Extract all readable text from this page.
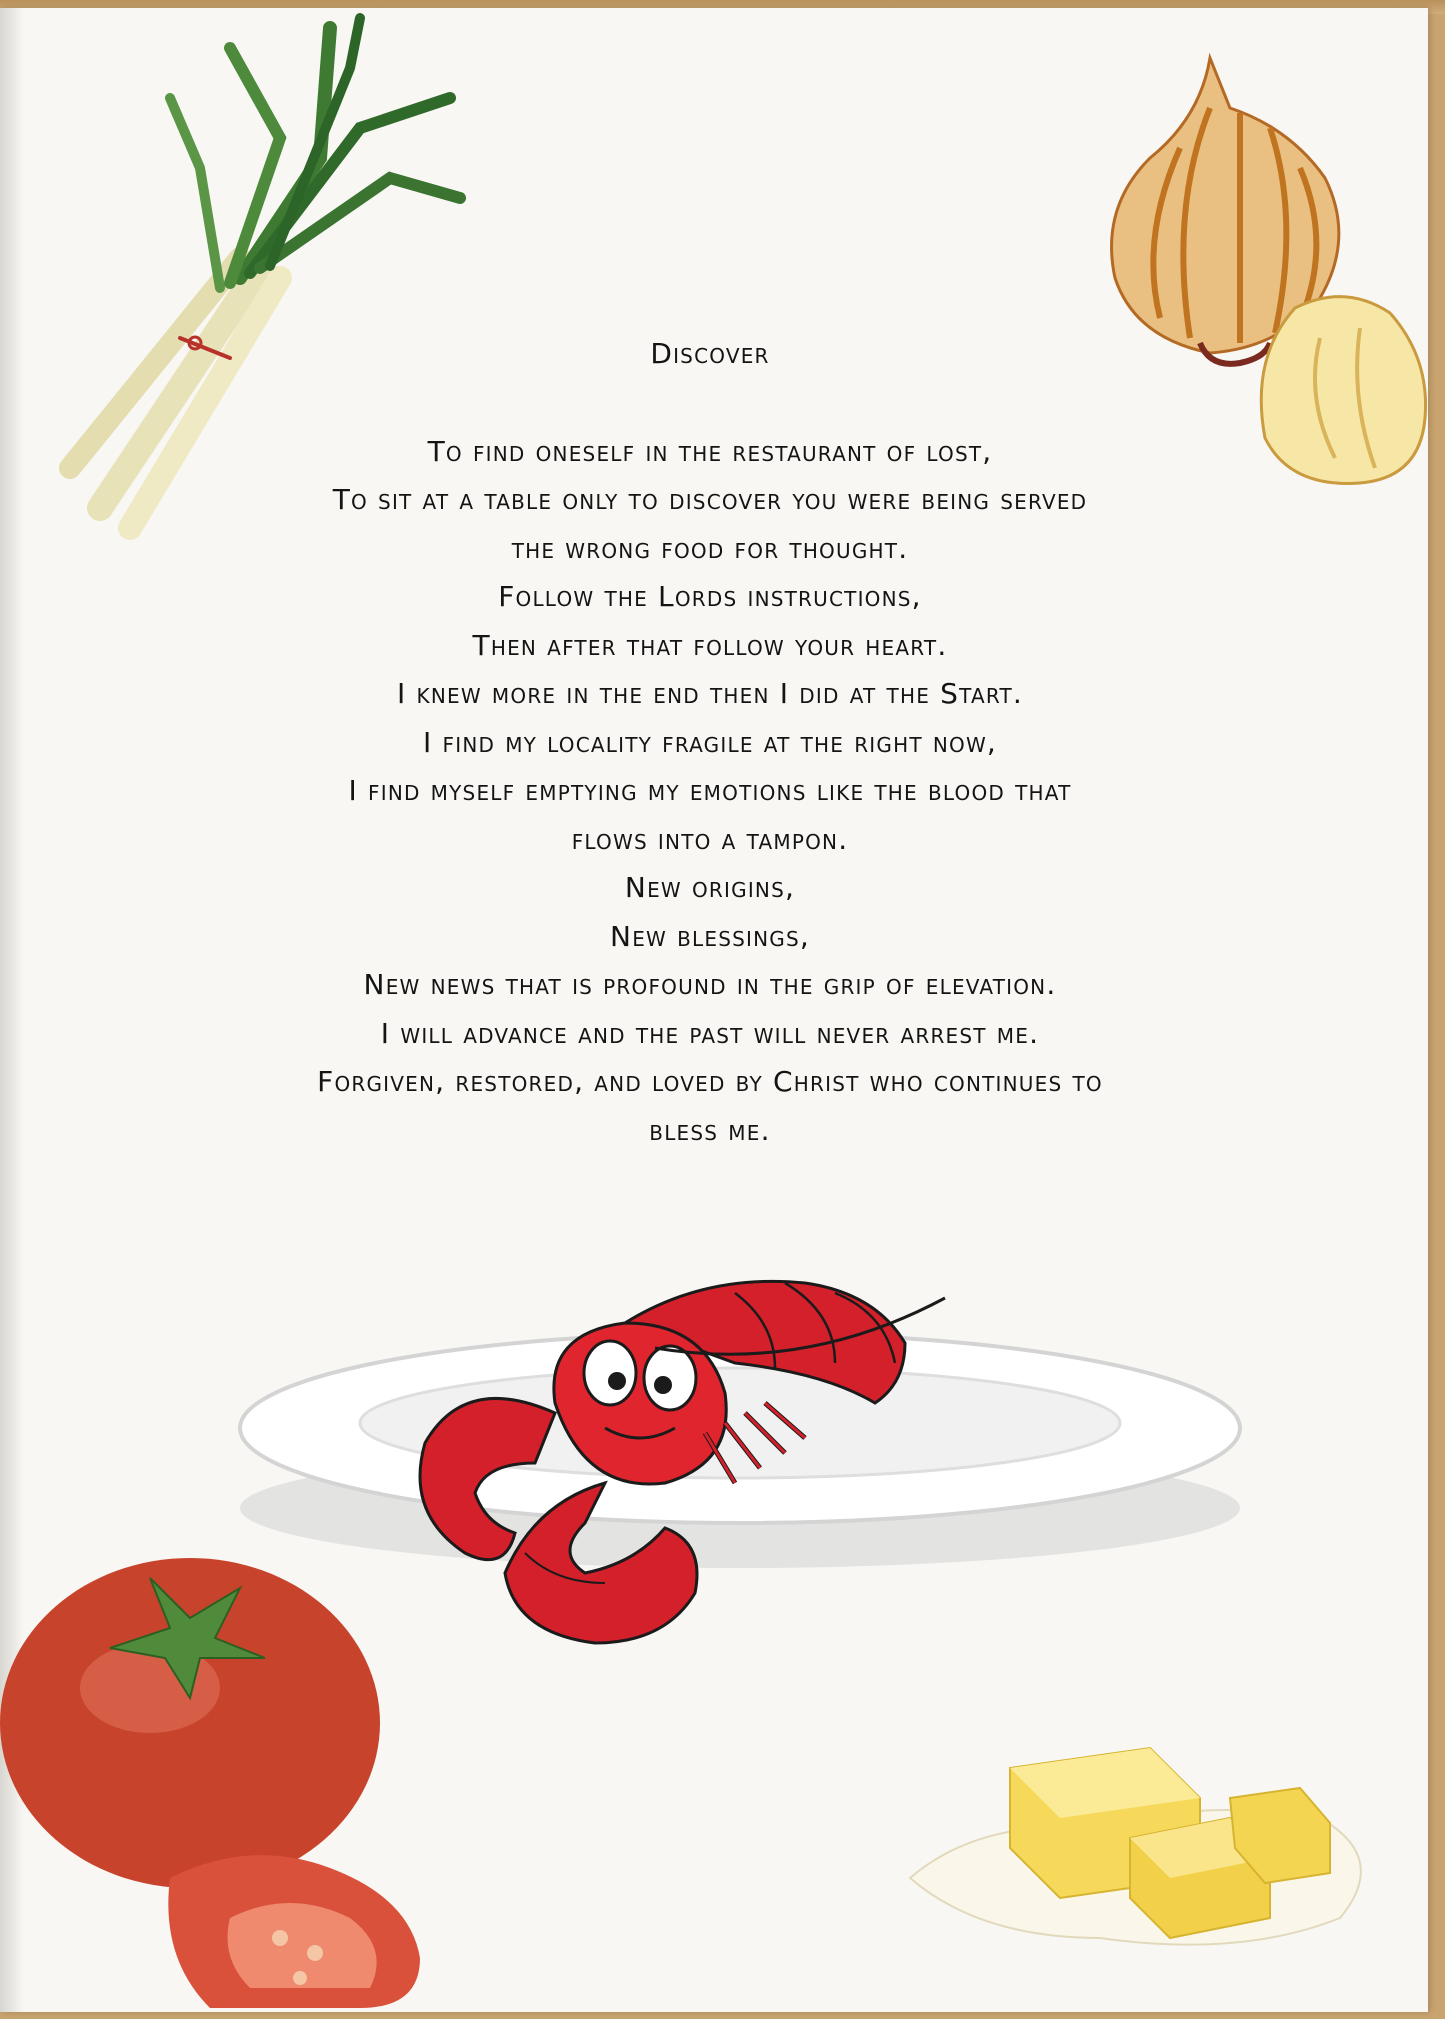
Discover
To find oneself in the restaurant of lost,
To sit at a table only to discover you were being served
the wrong food for thought.
Follow the Lords instructions,
Then after that follow your heart.
I knew more in the end then I did at the Start.
I find my locality fragile at the right now,
I find myself emptying my emotions like the blood that
flows into a tampon.
New origins,
New blessings,
New news that is profound in the grip of elevation.
I will advance and the past will never arrest me.
Forgiven, restored, and loved by Christ who continues to
bless me.
